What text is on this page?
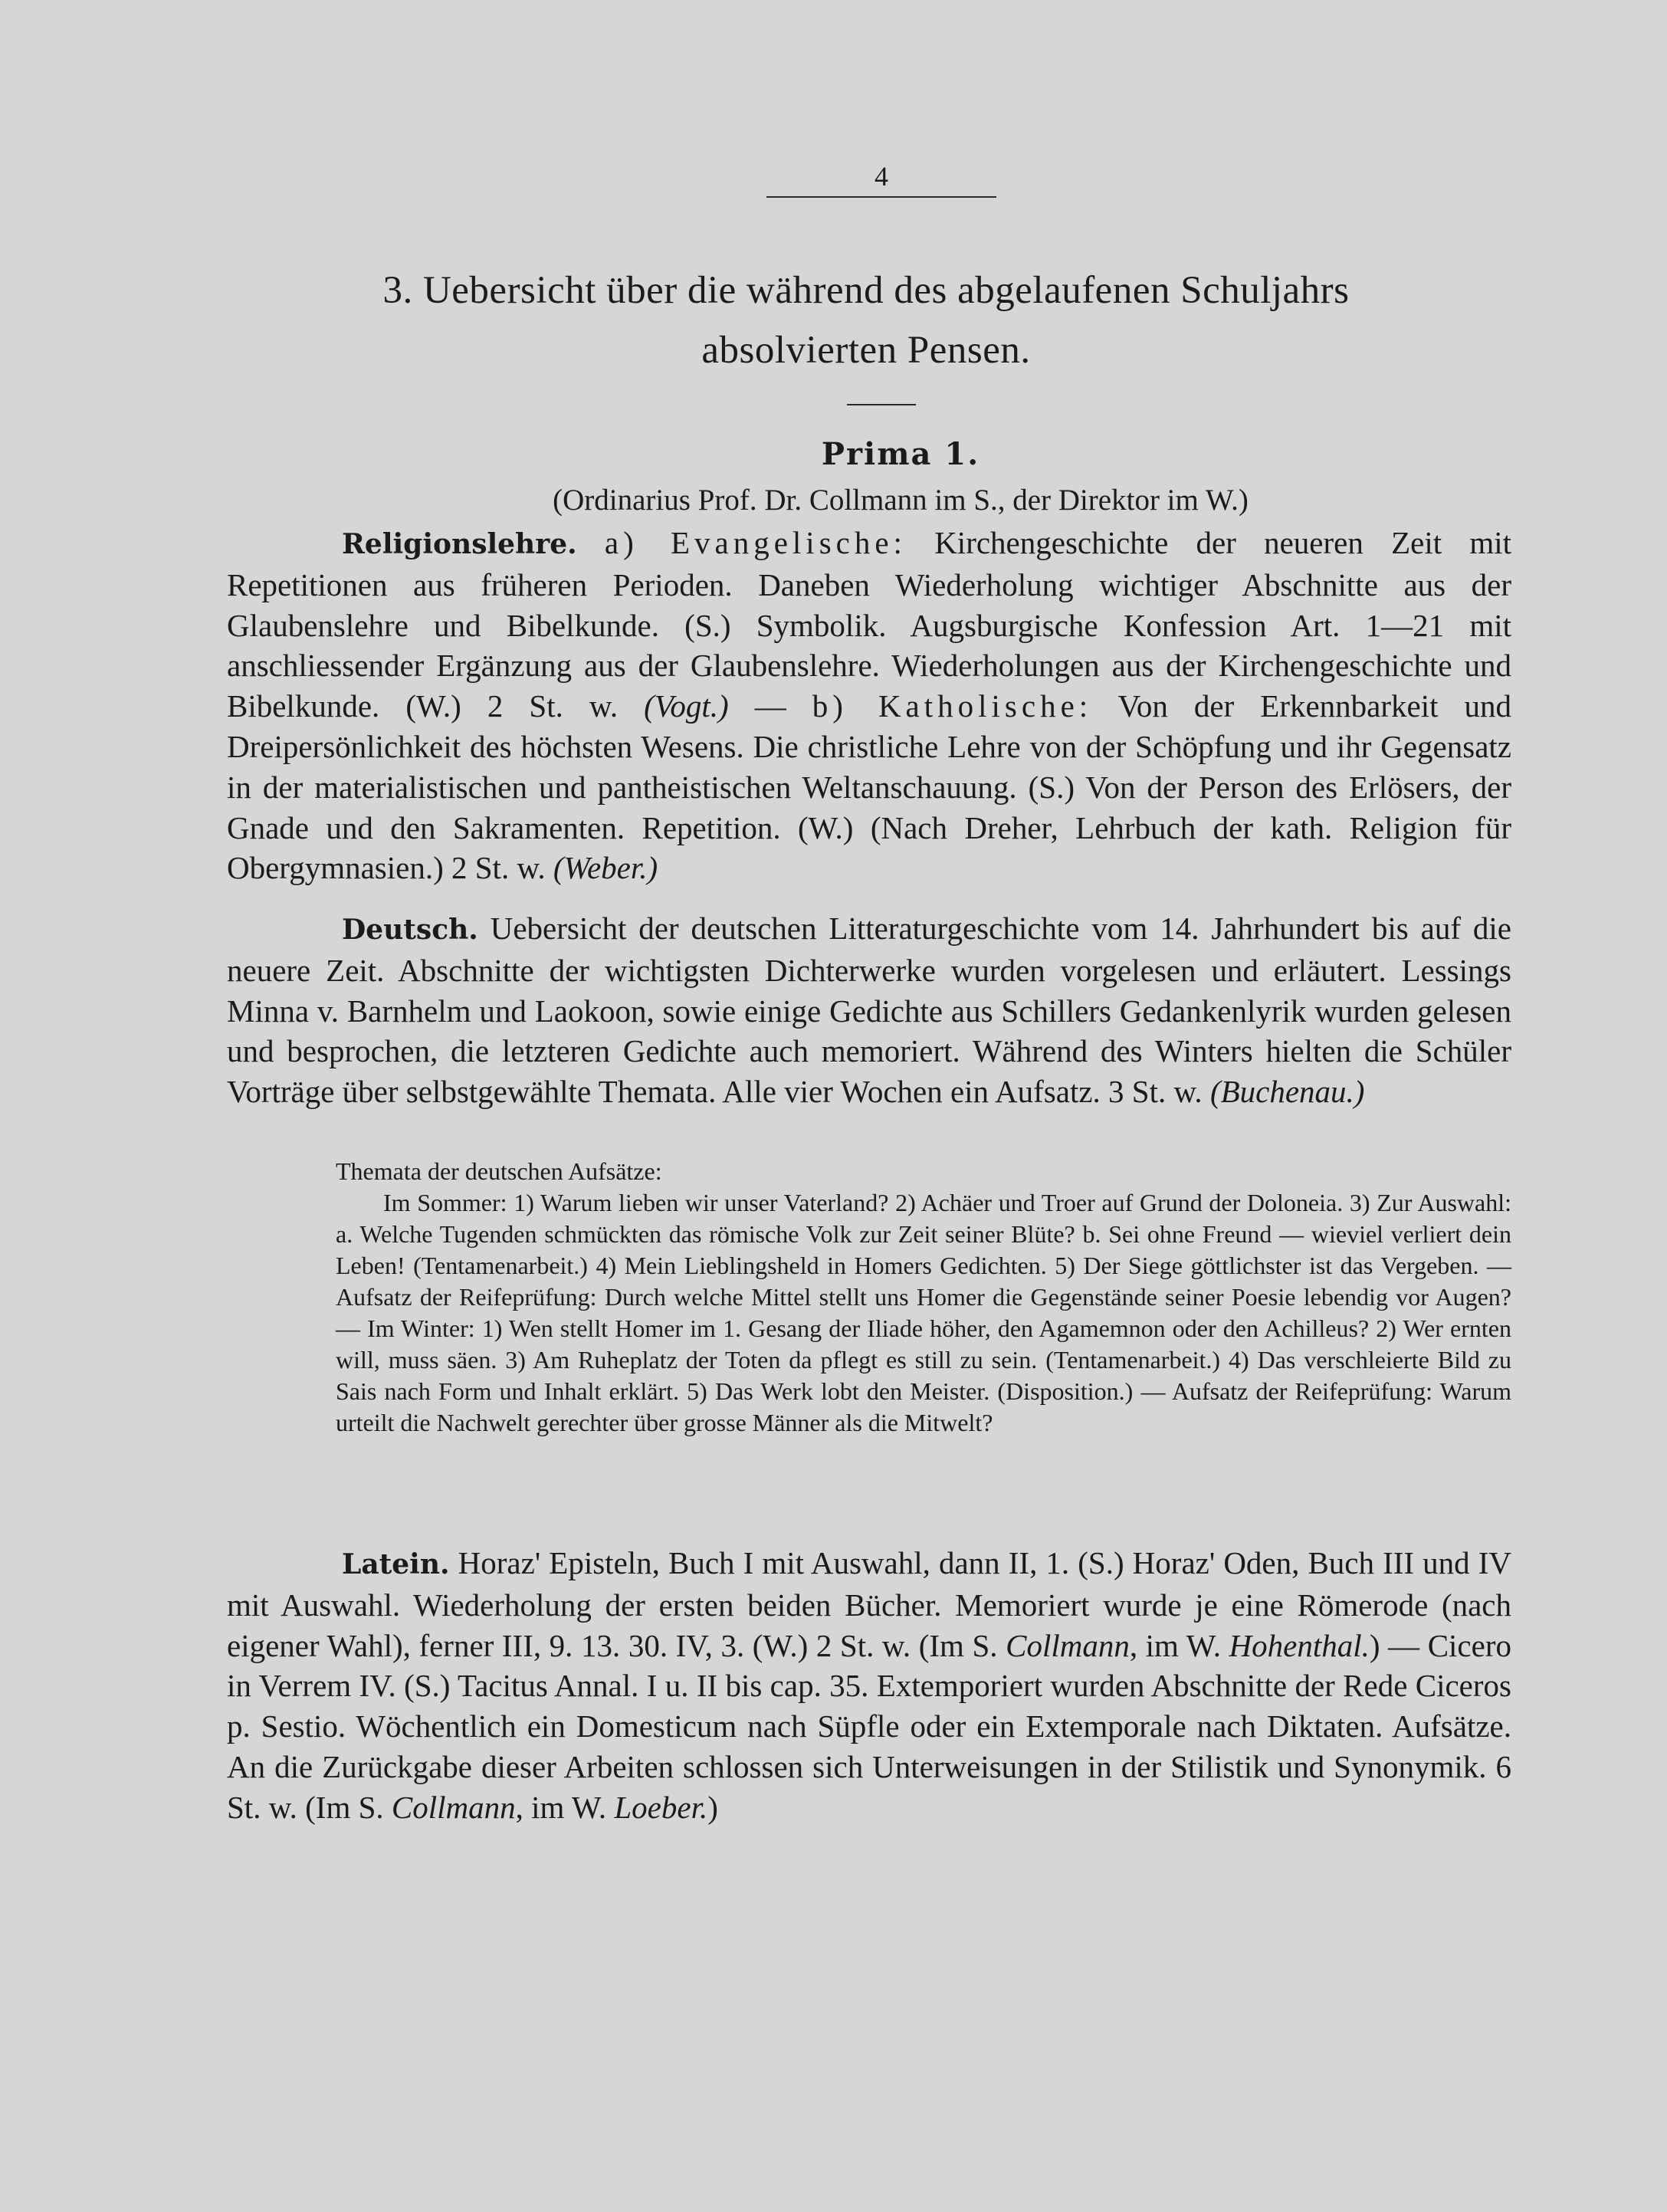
4
3. Uebersicht über die während des abgelaufenen Schuljahrs
absolvierten Pensen.
Prima 1.
(Ordinarius Prof. Dr. Collmann im S., der Direktor im W.)

Religionslehre. a) Evangelische: Kirchengeschichte der neueren Zeit mit Repetitionen aus früheren Perioden. Daneben Wiederholung wichtiger Abschnitte aus der Glaubenslehre und Bibelkunde. (S.) Symbolik. Augsburgische Konfession Art. 1—21 mit anschliessender Ergänzung aus der Glaubenslehre. Wiederholungen aus der Kirchengeschichte und Bibelkunde. (W.) 2 St. w. (Vogt.) — b) Katholische: Von der Erkennbarkeit und Dreipersönlichkeit des höchsten Wesens. Die christliche Lehre von der Schöpfung und ihr Gegensatz in der materialistischen und pantheistischen Weltanschauung. (S.) Von der Person des Erlösers, der Gnade und den Sakramenten. Repetition. (W.) (Nach Dreher, Lehrbuch der kath. Religion für Obergymnasien.) 2 St. w. (Weber.)

Deutsch. Uebersicht der deutschen Litteraturgeschichte vom 14. Jahrhundert bis auf die neuere Zeit. Abschnitte der wichtigsten Dichterwerke wurden vorgelesen und erläutert. Lessings Minna v. Barnhelm und Laokoon, sowie einige Gedichte aus Schillers Gedankenlyrik wurden gelesen und besprochen, die letzteren Gedichte auch memoriert. Während des Winters hielten die Schüler Vorträge über selbstgewählte Themata. Alle vier Wochen ein Aufsatz. 3 St. w. (Buchenau.)

Themata der deutschen Aufsätze:

Im Sommer: 1) Warum lieben wir unser Vaterland? 2) Achäer und Troer auf Grund der Doloneia. 3) Zur Auswahl: a. Welche Tugenden schmückten das römische Volk zur Zeit seiner Blüte? b. Sei ohne Freund — wieviel verliert dein Leben! (Tentamenarbeit.) 4) Mein Lieblingsheld in Homers Gedichten. 5) Der Siege göttlichster ist das Vergeben. — Aufsatz der Reifeprüfung: Durch welche Mittel stellt uns Homer die Gegenstände seiner Poesie lebendig vor Augen? — Im Winter: 1) Wen stellt Homer im 1. Gesang der Iliade höher, den Agamemnon oder den Achilleus? 2) Wer ernten will, muss säen. 3) Am Ruheplatz der Toten da pflegt es still zu sein. (Tentamenarbeit.) 4) Das verschleierte Bild zu Sais nach Form und Inhalt erklärt. 5) Das Werk lobt den Meister. (Disposition.) — Aufsatz der Reifeprüfung: Warum urteilt die Nachwelt gerechter über grosse Männer als die Mitwelt?

Latein. Horaz' Episteln, Buch I mit Auswahl, dann II, 1. (S.) Horaz' Oden, Buch III und IV mit Auswahl. Wiederholung der ersten beiden Bücher. Memoriert wurde je eine Römerode (nach eigener Wahl), ferner III, 9. 13. 30. IV, 3. (W.) 2 St. w. (Im S. Collmann, im W. Hohenthal.) — Cicero in Verrem IV. (S.) Tacitus Annal. I u. II bis cap. 35. Extemporiert wurden Abschnitte der Rede Ciceros p. Sestio. Wöchentlich ein Domesticum nach Süpfle oder ein Extemporale nach Diktaten. Aufsätze. An die Zurückgabe dieser Arbeiten schlossen sich Unterweisungen in der Stilistik und Synonymik. 6 St. w. (Im S. Collmann, im W. Loeber.)
